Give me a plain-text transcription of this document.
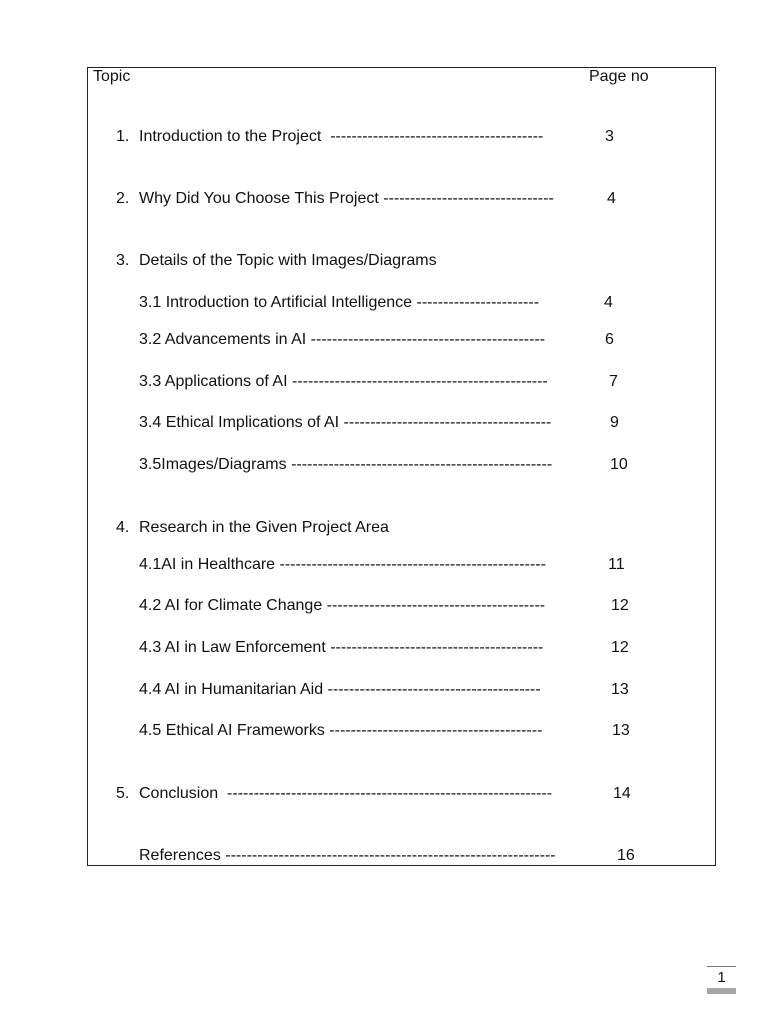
Topic	Page no
1. Introduction to the Project  ----------------------------------------	3
2. Why Did You Choose This Project --------------------------------	4
3. Details of the Topic with Images/Diagrams
3.1 Introduction to Artificial Intelligence -----------------------	4
3.2 Advancements in AI --------------------------------------------	6
3.3 Applications of AI ------------------------------------------------	7
3.4 Ethical Implications of AI ---------------------------------------	9
3.5Images/Diagrams -------------------------------------------------	10
4. Research in the Given Project Area
4.1AI in Healthcare --------------------------------------------------	11
4.2 AI for Climate Change -----------------------------------------	12
4.3 AI in Law Enforcement ----------------------------------------	12
4.4 AI in Humanitarian Aid ----------------------------------------	13
4.5 Ethical AI Frameworks ----------------------------------------	13
5. Conclusion  -------------------------------------------------------------	14
References --------------------------------------------------------------	16
1
